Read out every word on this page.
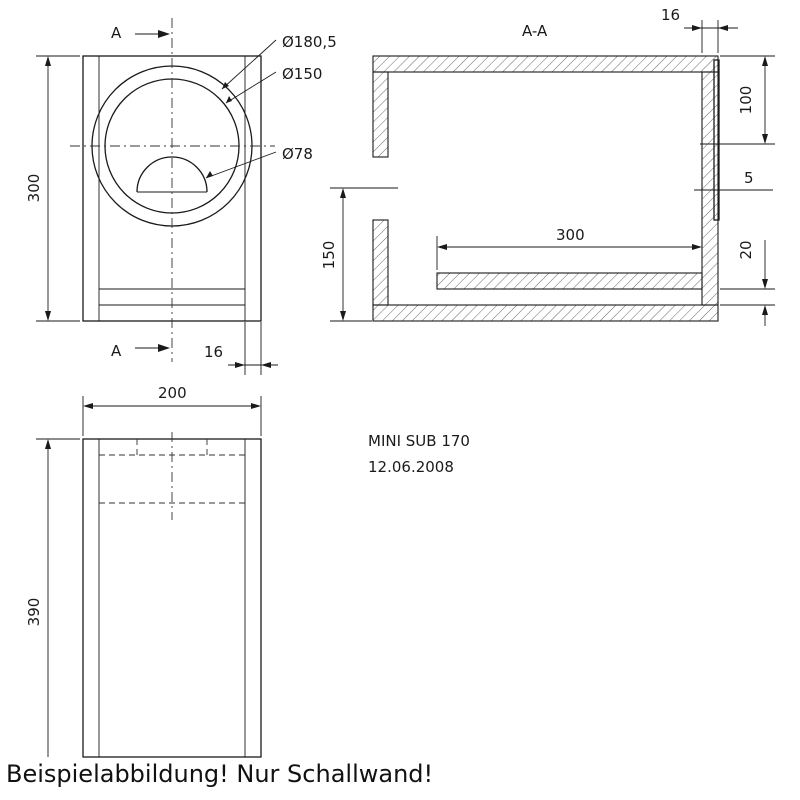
Ø180,5
Ø150
Ø78
A
A
300
16
A-A
16
100
5
150
300
20
200
390
MINI SUB 170
12.06.2008
Beispielabbildung! Nur Schallwand!
